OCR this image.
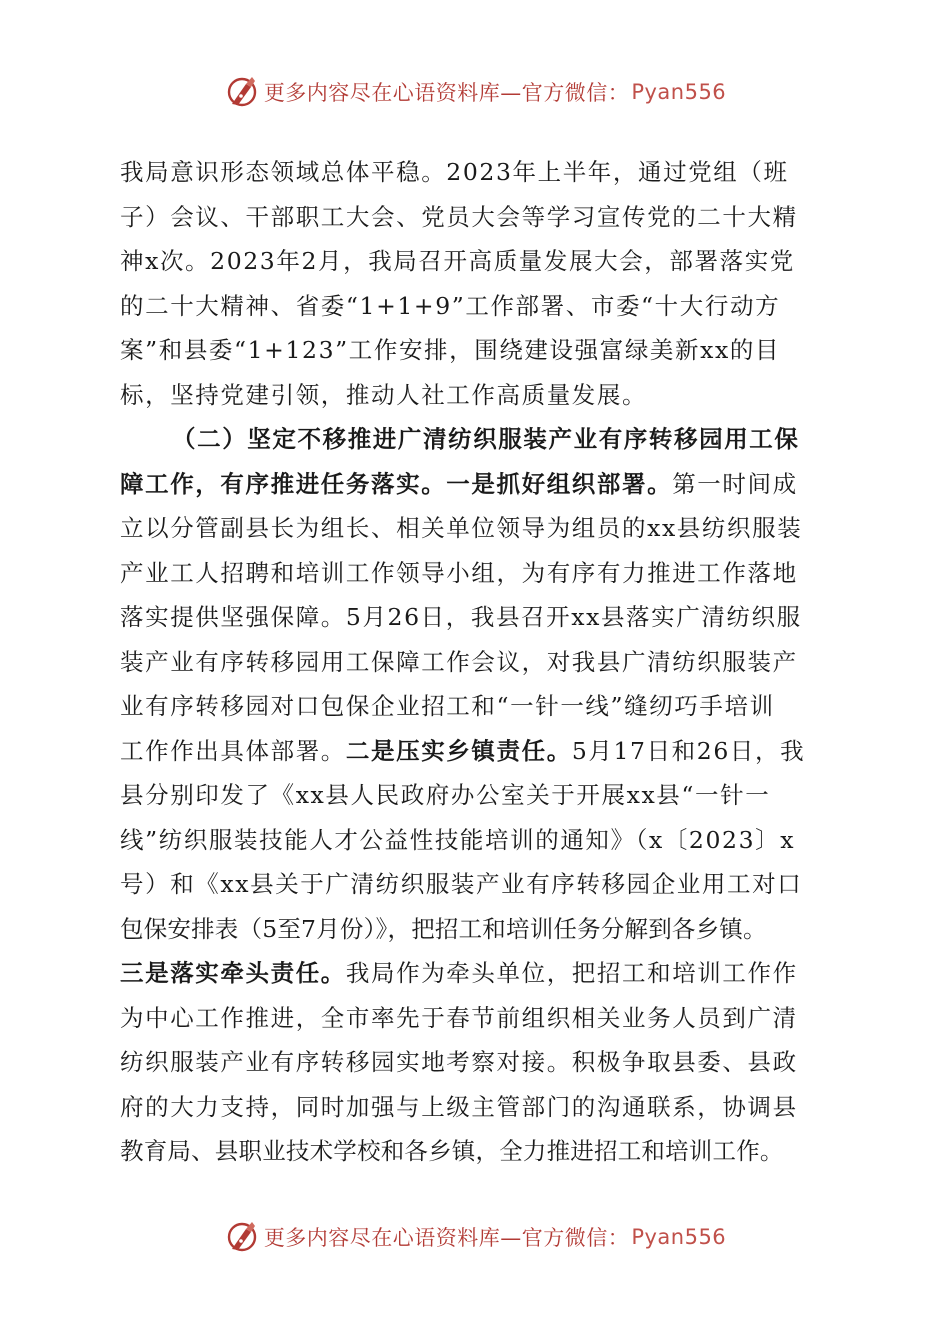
更多内容尽在心语资料库—官方微信： Pyan556
我局意识形态领域总体平稳。2023年上半年，通过党组（班
子）会议、干部职工大会、党员大会等学习宣传党的二十大精
神x次。2023年2月，我局召开高质量发展大会，部署落实党
的二十大精神、省委“1+1+9”工作部署、市委“十大行动方
案”和县委“1+123”工作安排，围绕建设强富绿美新xx的目
标，坚持党建引领，推动人社工作高质量发展。
（二）坚定不移推进广清纺织服装产业有序转移园用工保
障工作，有序推进任务落实。一是抓好组织部署。第一时间成
立以分管副县长为组长、相关单位领导为组员的xx县纺织服装
产业工人招聘和培训工作领导小组，为有序有力推进工作落地
落实提供坚强保障。5月26日，我县召开xx县落实广清纺织服
装产业有序转移园用工保障工作会议，对我县广清纺织服装产
业有序转移园对口包保企业招工和“一针一线”缝纫巧手培训
工作作出具体部署。二是压实乡镇责任。5月17日和26日，我
县分别印发了《xx县人民政府办公室关于开展xx县“一针一
线”纺织服装技能人才公益性技能培训的通知》（x〔2023〕x
号）和《xx县关于广清纺织服装产业有序转移园企业用工对口
包保安排表（5至7月份）》，把招工和培训任务分解到各乡镇。
三是落实牵头责任。我局作为牵头单位，把招工和培训工作作
为中心工作推进，全市率先于春节前组织相关业务人员到广清
纺织服装产业有序转移园实地考察对接。积极争取县委、县政
府的大力支持，同时加强与上级主管部门的沟通联系，协调县
教育局、县职业技术学校和各乡镇，全力推进招工和培训工作。
更多内容尽在心语资料库—官方微信： Pyan556
